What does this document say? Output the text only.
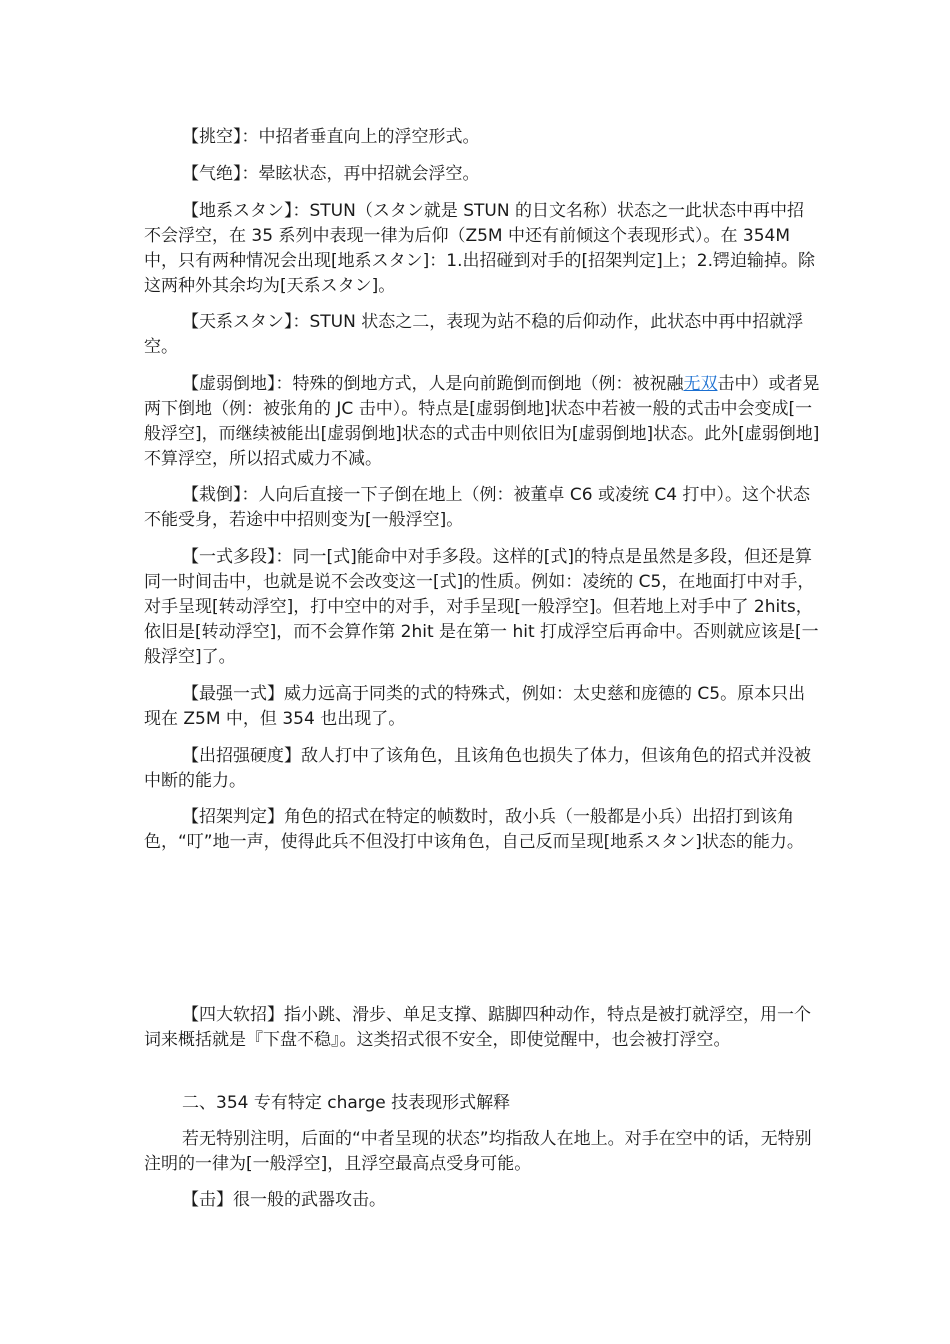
【挑空】：中招者垂直向上的浮空形式。

【气绝】：晕眩状态，再中招就会浮空。

【地系スタン】：STUN（スタン就是 STUN 的日文名称）状态之一此状态中再中招不会浮空，在 35 系列中表现一律为后仰（Z5M 中还有前倾这个表现形式）。在 354M 中，只有两种情况会出现[地系スタン]：1.出招碰到对手的[招架判定]上；2.锷迫输掉。除这两种外其余均为[天系スタン]。

【天系スタン】：STUN 状态之二，表现为站不稳的后仰动作，此状态中再中招就浮空。

【虚弱倒地】：特殊的倒地方式，人是向前跪倒而倒地（例：被祝融无双击中）或者晃两下倒地（例：被张角的 JC 击中）。特点是[虚弱倒地]状态中若被一般的式击中会变成[一般浮空]，而继续被能出[虚弱倒地]状态的式击中则依旧为[虚弱倒地]状态。此外[虚弱倒地]不算浮空，所以招式威力不减。

【栽倒】：人向后直接一下子倒在地上（例：被董卓 C6 或凌统 C4 打中）。这个状态不能受身，若途中中招则变为[一般浮空]。

【一式多段】：同一[式]能命中对手多段。这样的[式]的特点是虽然是多段，但还是算同一时间击中，也就是说不会改变这一[式]的性质。例如：凌统的 C5，在地面打中对手，对手呈现[转动浮空]，打中空中的对手，对手呈现[一般浮空]。但若地上对手中了 2hits，依旧是[转动浮空]，而不会算作第 2hit 是在第一 hit 打成浮空后再命中。否则就应该是[一般浮空]了。

【最强一式】威力远高于同类的式的特殊式，例如：太史慈和庞德的 C5。原本只出现在 Z5M 中，但 354 也出现了。

【出招强硬度】敌人打中了该角色，且该角色也损失了体力，但该角色的招式并没被中断的能力。

【招架判定】角色的招式在特定的帧数时，敌小兵（一般都是小兵）出招打到该角色，“叮”地一声，使得此兵不但没打中该角色，自己反而呈现[地系スタン]状态的能力。

【四大软招】指小跳、滑步、单足支撑、踮脚四种动作，特点是被打就浮空，用一个词来概括就是『下盘不稳』。这类招式很不安全，即使觉醒中，也会被打浮空。

二、354 专有特定 charge 技表现形式解释

若无特别注明，后面的“中者呈现的状态”均指敌人在地上。对手在空中的话，无特别注明的一律为[一般浮空]，且浮空最高点受身可能。

【击】很一般的武器攻击。
